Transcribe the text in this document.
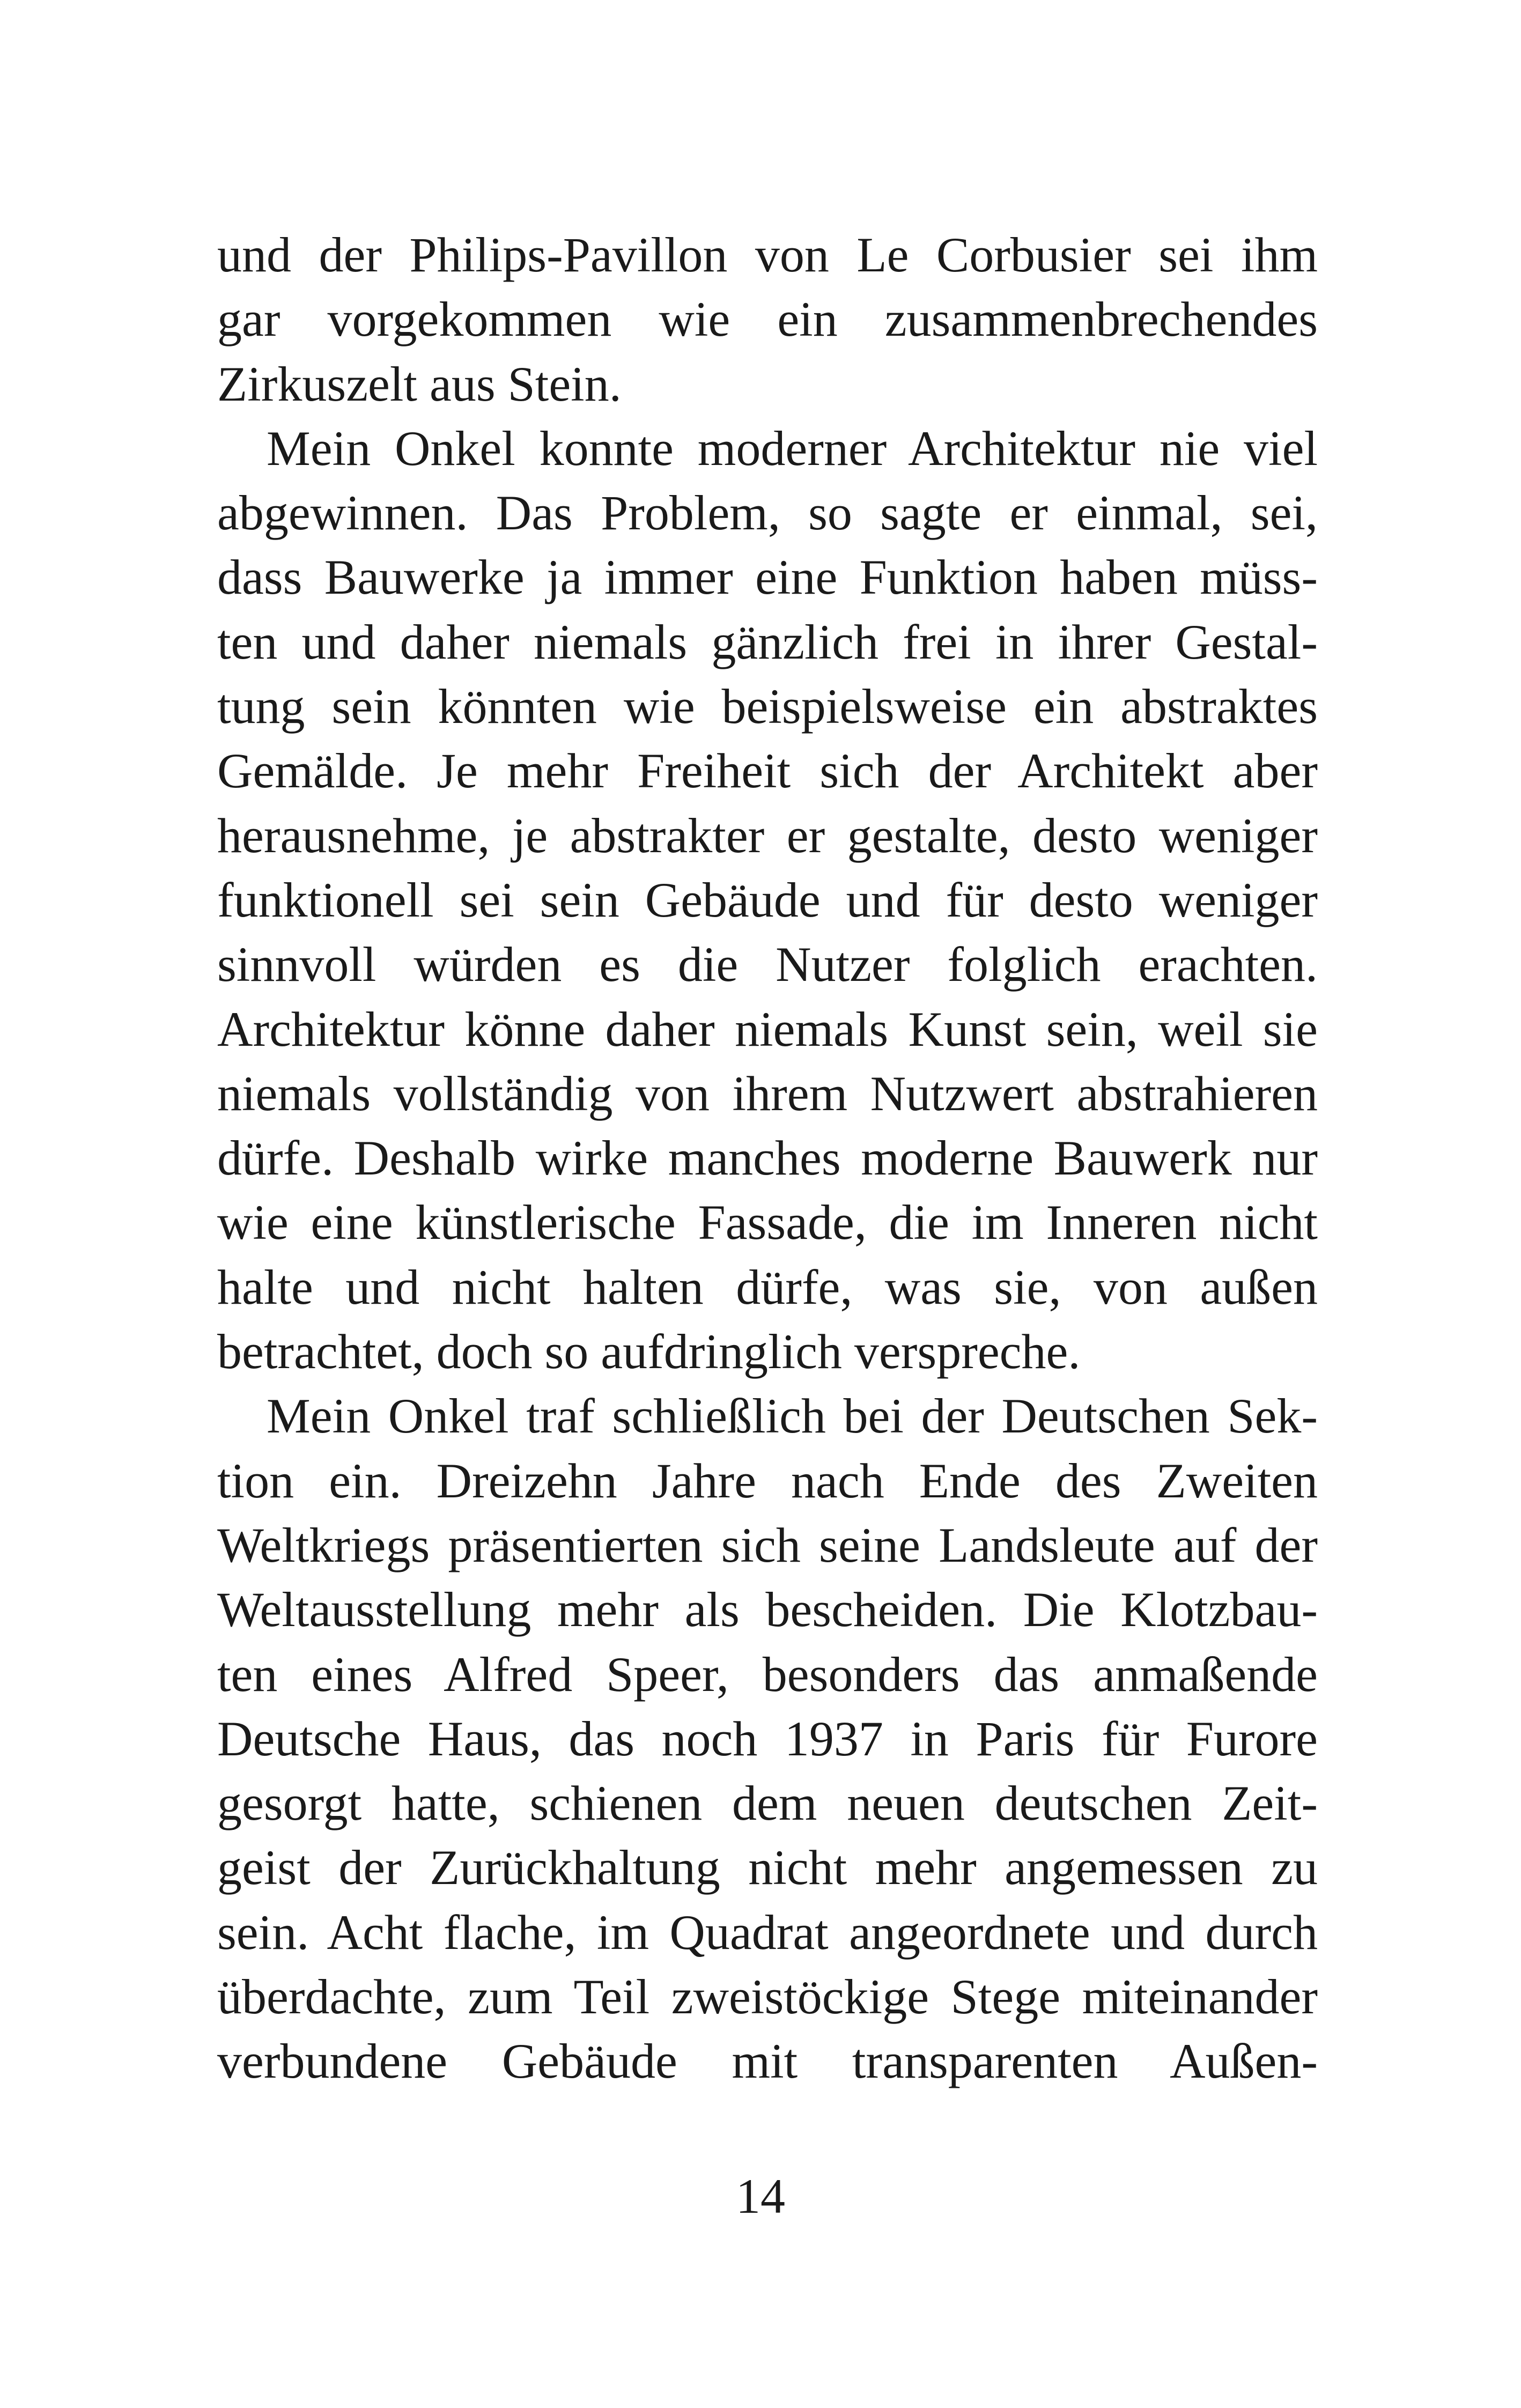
und der Philips-Pavillon von Le Corbusier sei ihm
gar vorgekommen wie ein zusammenbrechendes
Zirkuszelt aus Stein.
Mein Onkel konnte moderner Architektur nie viel
abgewinnen. Das Problem, so sagte er einmal, sei,
dass Bauwerke ja immer eine Funktion haben müss-
ten und daher niemals gänzlich frei in ihrer Gestal-
tung sein könnten wie beispielsweise ein abstraktes
Gemälde. Je mehr Freiheit sich der Architekt aber
herausnehme, je abstrakter er gestalte, desto weniger
funktionell sei sein Gebäude und für desto weniger
sinnvoll würden es die Nutzer folglich erachten.
Architektur könne daher niemals Kunst sein, weil sie
niemals vollständig von ihrem Nutzwert abstrahieren
dürfe. Deshalb wirke manches moderne Bauwerk nur
wie eine künstlerische Fassade, die im Inneren nicht
halte und nicht halten dürfe, was sie, von außen
betrachtet, doch so aufdringlich verspreche.
Mein Onkel traf schließlich bei der Deutschen Sek-
tion ein. Dreizehn Jahre nach Ende des Zweiten
Weltkriegs präsentierten sich seine Landsleute auf der
Weltausstellung mehr als bescheiden. Die Klotzbau-
ten eines Alfred Speer, besonders das anmaßende
Deutsche Haus, das noch 1937 in Paris für Furore
gesorgt hatte, schienen dem neuen deutschen Zeit-
geist der Zurückhaltung nicht mehr angemessen zu
sein. Acht flache, im Quadrat angeordnete und durch
überdachte, zum Teil zweistöckige Stege miteinander
verbundene Gebäude mit transparenten Außen-
14
